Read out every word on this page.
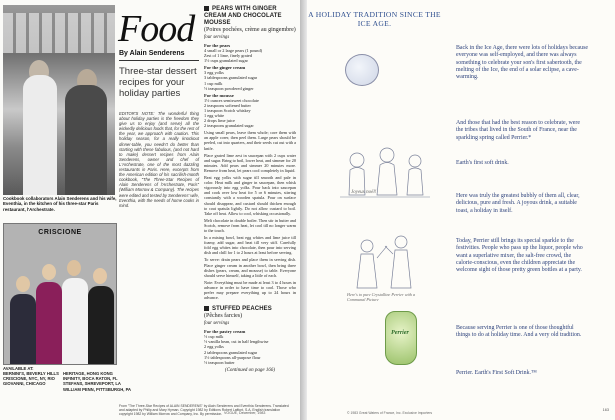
Cookbook collaborators Alain Senderens and his wife, Eventhia, in the kitchen of his three-star Paris restaurant, l'Archestrate.
Food
By Alain Senderens
Three-star dessert recipes for your holiday parties
EDITOR'S NOTE: The wonderful thing about holiday parties is the freedom they give us to enjoy (and serve) all the wickedly delicious foods that, for the rest of the year, we approach with caution. This holiday season, for a really knockout dinner-table, you needn't do better than starting with these fabulous, (and not hard to make) dessert recipes from Alain Senderens, owner and chef of L'Archestrate, one of the most dazzling restaurants in Paris. Here, excerpts from the American edition of his sacrilish-month cookbook, "The Three-Star Recipes of Alain Senderens of l'Archestrate, Paris" (William Morrow & Company). The recipes were edited and tested by Senderens' wife, Eventhia, with the needs of home cooks in mind.
PEARS WITH GINGER CREAM AND CHOCOLATE MOUSSE
(Poires pochées, crème au gingembre)
four servings
For the pears
4 small or 2 large pears (1 pound)
Zest of 1 lime, finely grated
1½ cups granulated sugar
For the ginger cream
3 egg yolks
3 tablespoons granulated sugar
1 cup milk
½ teaspoon powdered ginger
For the mousse
1½ ounces semisweet chocolate
2 teaspoons softened butter
1 teaspoon Scotch whiskey
1 egg white
2 drops lime juice
2 teaspoons granulated sugar
Using small pears, leave them whole; core them with an apple corer, then peel them. Large pears should be peeled, cut into quarters, and their seeds cut out with a knife.
Place grated lime zest in saucepan with 2 cups water and sugar. Bring to boil, lower heat, and simmer for 20 minutes. Add pears and simmer 20 minutes more. Remove from heat, let pears cool completely in liquid.
Beat egg yolks with sugar till smooth and pale in color. Heat milk and ginger in saucepan, then whisk vigorously into egg yolks. Pour back into saucepan and cook over low heat for 5 or 6 minutes, stirring constantly with a wooden spatula. Pour on surface should disappear, and custard should thicken enough to coat spatula lightly. Do not allow custard to boil. Take off heat. Allow to cool, whisking occasionally.
Melt chocolate in double boiler. Then stir in butter and Scotch, remove from heat, let cool till no longer warm to the touch.
In a mixing bowl, beat egg whites and lime juice till foamy, add sugar, and beat till very stiff. Carefully fold egg whites into chocolate, then pour into serving dish and chill for 1 to 2 hours at least before serving.
To serve: drain pears and place them in serving dish. Place ginger cream in another bowl, then bring three dishes (pears, cream, and mousse) to table. Everyone should serve himself, taking a little of each.
Note: Everything must be made at least 3 to 4 hours in advance in order to have time to cool. Those who prefer may prepare everything up to 24 hours in advance.
STUFFED PEACHES
(Pêches farcies)
four servings
For the pastry cream
½ cup milk
½ vanilla bean, cut in half lengthwise
2 egg yolks
2 tablespoons granulated sugar
1½ tablespoons all-purpose flour
½ teaspoon butter
(Continued on page 166)
CRISCIONE
AVAILABLE AT:
BERNINI'S, BEVERLY HILLS
CRISCIONE, NYC, NY, RIO
GIOVANNI, CHICAGO
HERITAGE, HONG KONG
INFINITY, BOCA RATON, FL
STEFANS, SHREVEPORT, LA
WILLIAM PENN, PITTSBURGH, PA
From "The Three-Star Recipes of ALAIN SENDERENS" by Alain Senderens and Eventhia Senderens. Translated and adapted by Philip and Mary Hyman. Copyright 1982 by Editions Robert Laffont, S.A. English translation copyright 1982 by William Morrow and Company, Inc. By permission. VOGUE, December, 1983
A HOLIDAY TRADITION SINCE THE ICE AGE.
Back in the Ice Age, there were lots of holidays because everyone was self-employed, and there was always something to celebrate your son's first sabertooth, the melting of the Ice, the end of a solar eclipse, a cave-warming.
And those that had the best reason to celebrate, were the tribes that lived in the South of France, near the sparkling spring called Perrier.*
Earth's first soft drink.
Here was truly the greatest bubbly of them all, clear, delicious, pure and fresh. A joyous drink, a suitable toast, a holiday in itself.
Today, Perrier still brings its special sparkle to the festivities. People who pass up the liquor, people who want a superlative mixer, the salt-free crowd, the calorie-conscious, even the children appreciate the welcome sight of those pretty green bottles at a party.
Because serving Perrier is one of those thoughtful things to do at holiday time. And a very old tradition.
Perrier. Earth's First Soft Drink.™
Joyeux noël!
Here's to pure Crystalline Perrier with a Communal Picture
Perrier
© 1983 Great Waters of France, Inc. Exclusive Importers
163
